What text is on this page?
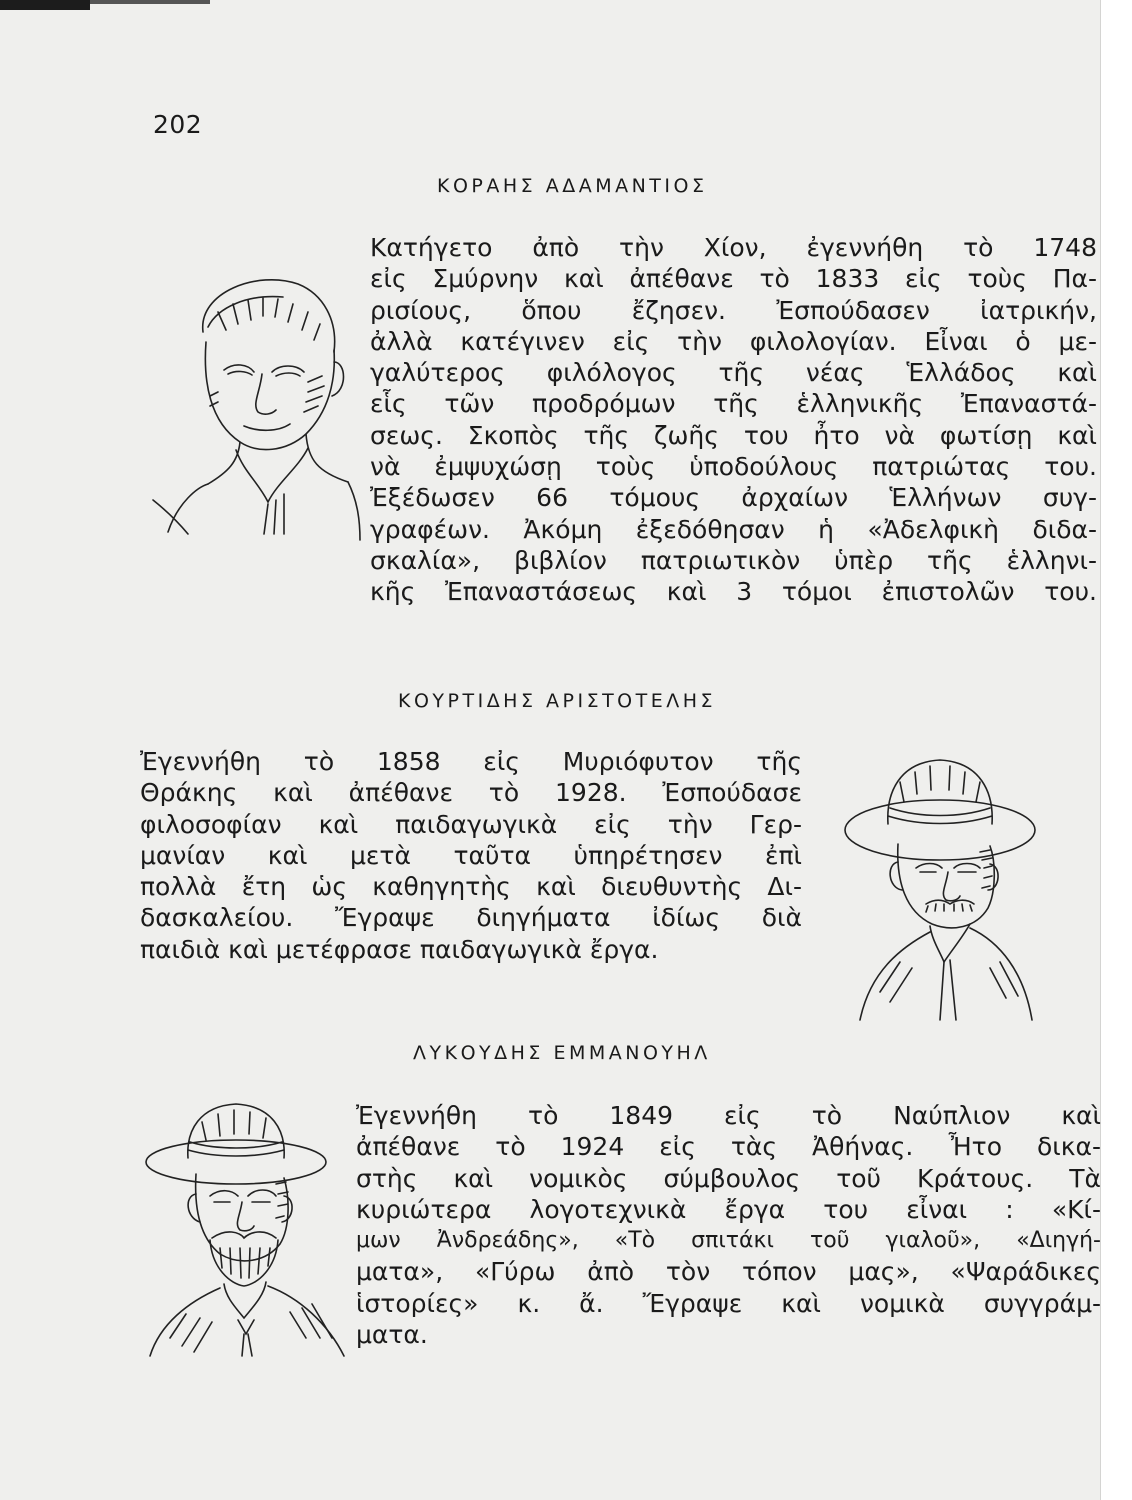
202
ΚΟΡΑΗΣ ΑΔΑΜΑΝΤΙΟΣ
Κατήγετο ἀπὸ τὴν Χίον, ἐγεννήθη τὸ 1748
εἰς Σμύρνην καὶ ἀπέθανε τὸ 1833 εἰς τοὺς Πα-
ρισίους, ὅπου ἔζησεν. Ἐσπούδασεν ἰατρικήν,
ἀλλὰ κατέγινεν εἰς τὴν φιλολογίαν. Εἶναι ὁ με-
γαλύτερος φιλόλογος τῆς νέας Ἑλλάδος καὶ
εἷς τῶν προδρόμων τῆς ἑλληνικῆς Ἐπαναστά-
σεως. Σκοπὸς τῆς ζωῆς του ἦτο νὰ φωτίσῃ καὶ
νὰ ἐμψυχώσῃ τοὺς ὑποδούλους πατριώτας του.
Ἐξέδωσεν 66 τόμους ἀρχαίων Ἑλλήνων συγ-
γραφέων. Ἀκόμη ἐξεδόθησαν ἡ «Ἀδελφικὴ διδα-
σκαλία», βιβλίον πατριωτικὸν ὑπὲρ τῆς ἑλληνι-
κῆς Ἐπαναστάσεως καὶ 3 τόμοι ἐπιστολῶν του.
ΚΟΥΡΤΙΔΗΣ ΑΡΙΣΤΟΤΕΛΗΣ
Ἐγεννήθη τὸ 1858 εἰς Μυριόφυτον τῆς
Θράκης καὶ ἀπέθανε τὸ 1928. Ἐσπούδασε
φιλοσοφίαν καὶ παιδαγωγικὰ εἰς τὴν Γερ-
μανίαν καὶ μετὰ ταῦτα ὑπηρέτησεν ἐπὶ
πολλὰ ἔτη ὡς καθηγητὴς καὶ διευθυντὴς Δι-
δασκαλείου. Ἔγραψε διηγήματα ἰδίως διὰ
παιδιὰ καὶ μετέφρασε παιδαγωγικὰ ἔργα.
ΛΥΚΟΥΔΗΣ ΕΜΜΑΝΟΥΗΛ
Ἐγεννήθη τὸ 1849 εἰς τὸ Ναύπλιον καὶ
ἀπέθανε τὸ 1924 εἰς τὰς Ἀθήνας. Ἦτο δικα-
στὴς καὶ νομικὸς σύμβουλος τοῦ Κράτους. Τὰ
κυριώτερα λογοτεχνικὰ ἔργα του εἶναι : «Κί-
μων Ἀνδρεάδης», «Τὸ σπιτάκι τοῦ γιαλοῦ», «Διηγή-
ματα», «Γύρω ἀπὸ τὸν τόπον μας», «Ψαράδικες
ἱστορίες» κ. ἄ. Ἔγραψε καὶ νομικὰ συγγράμ-
ματα.
